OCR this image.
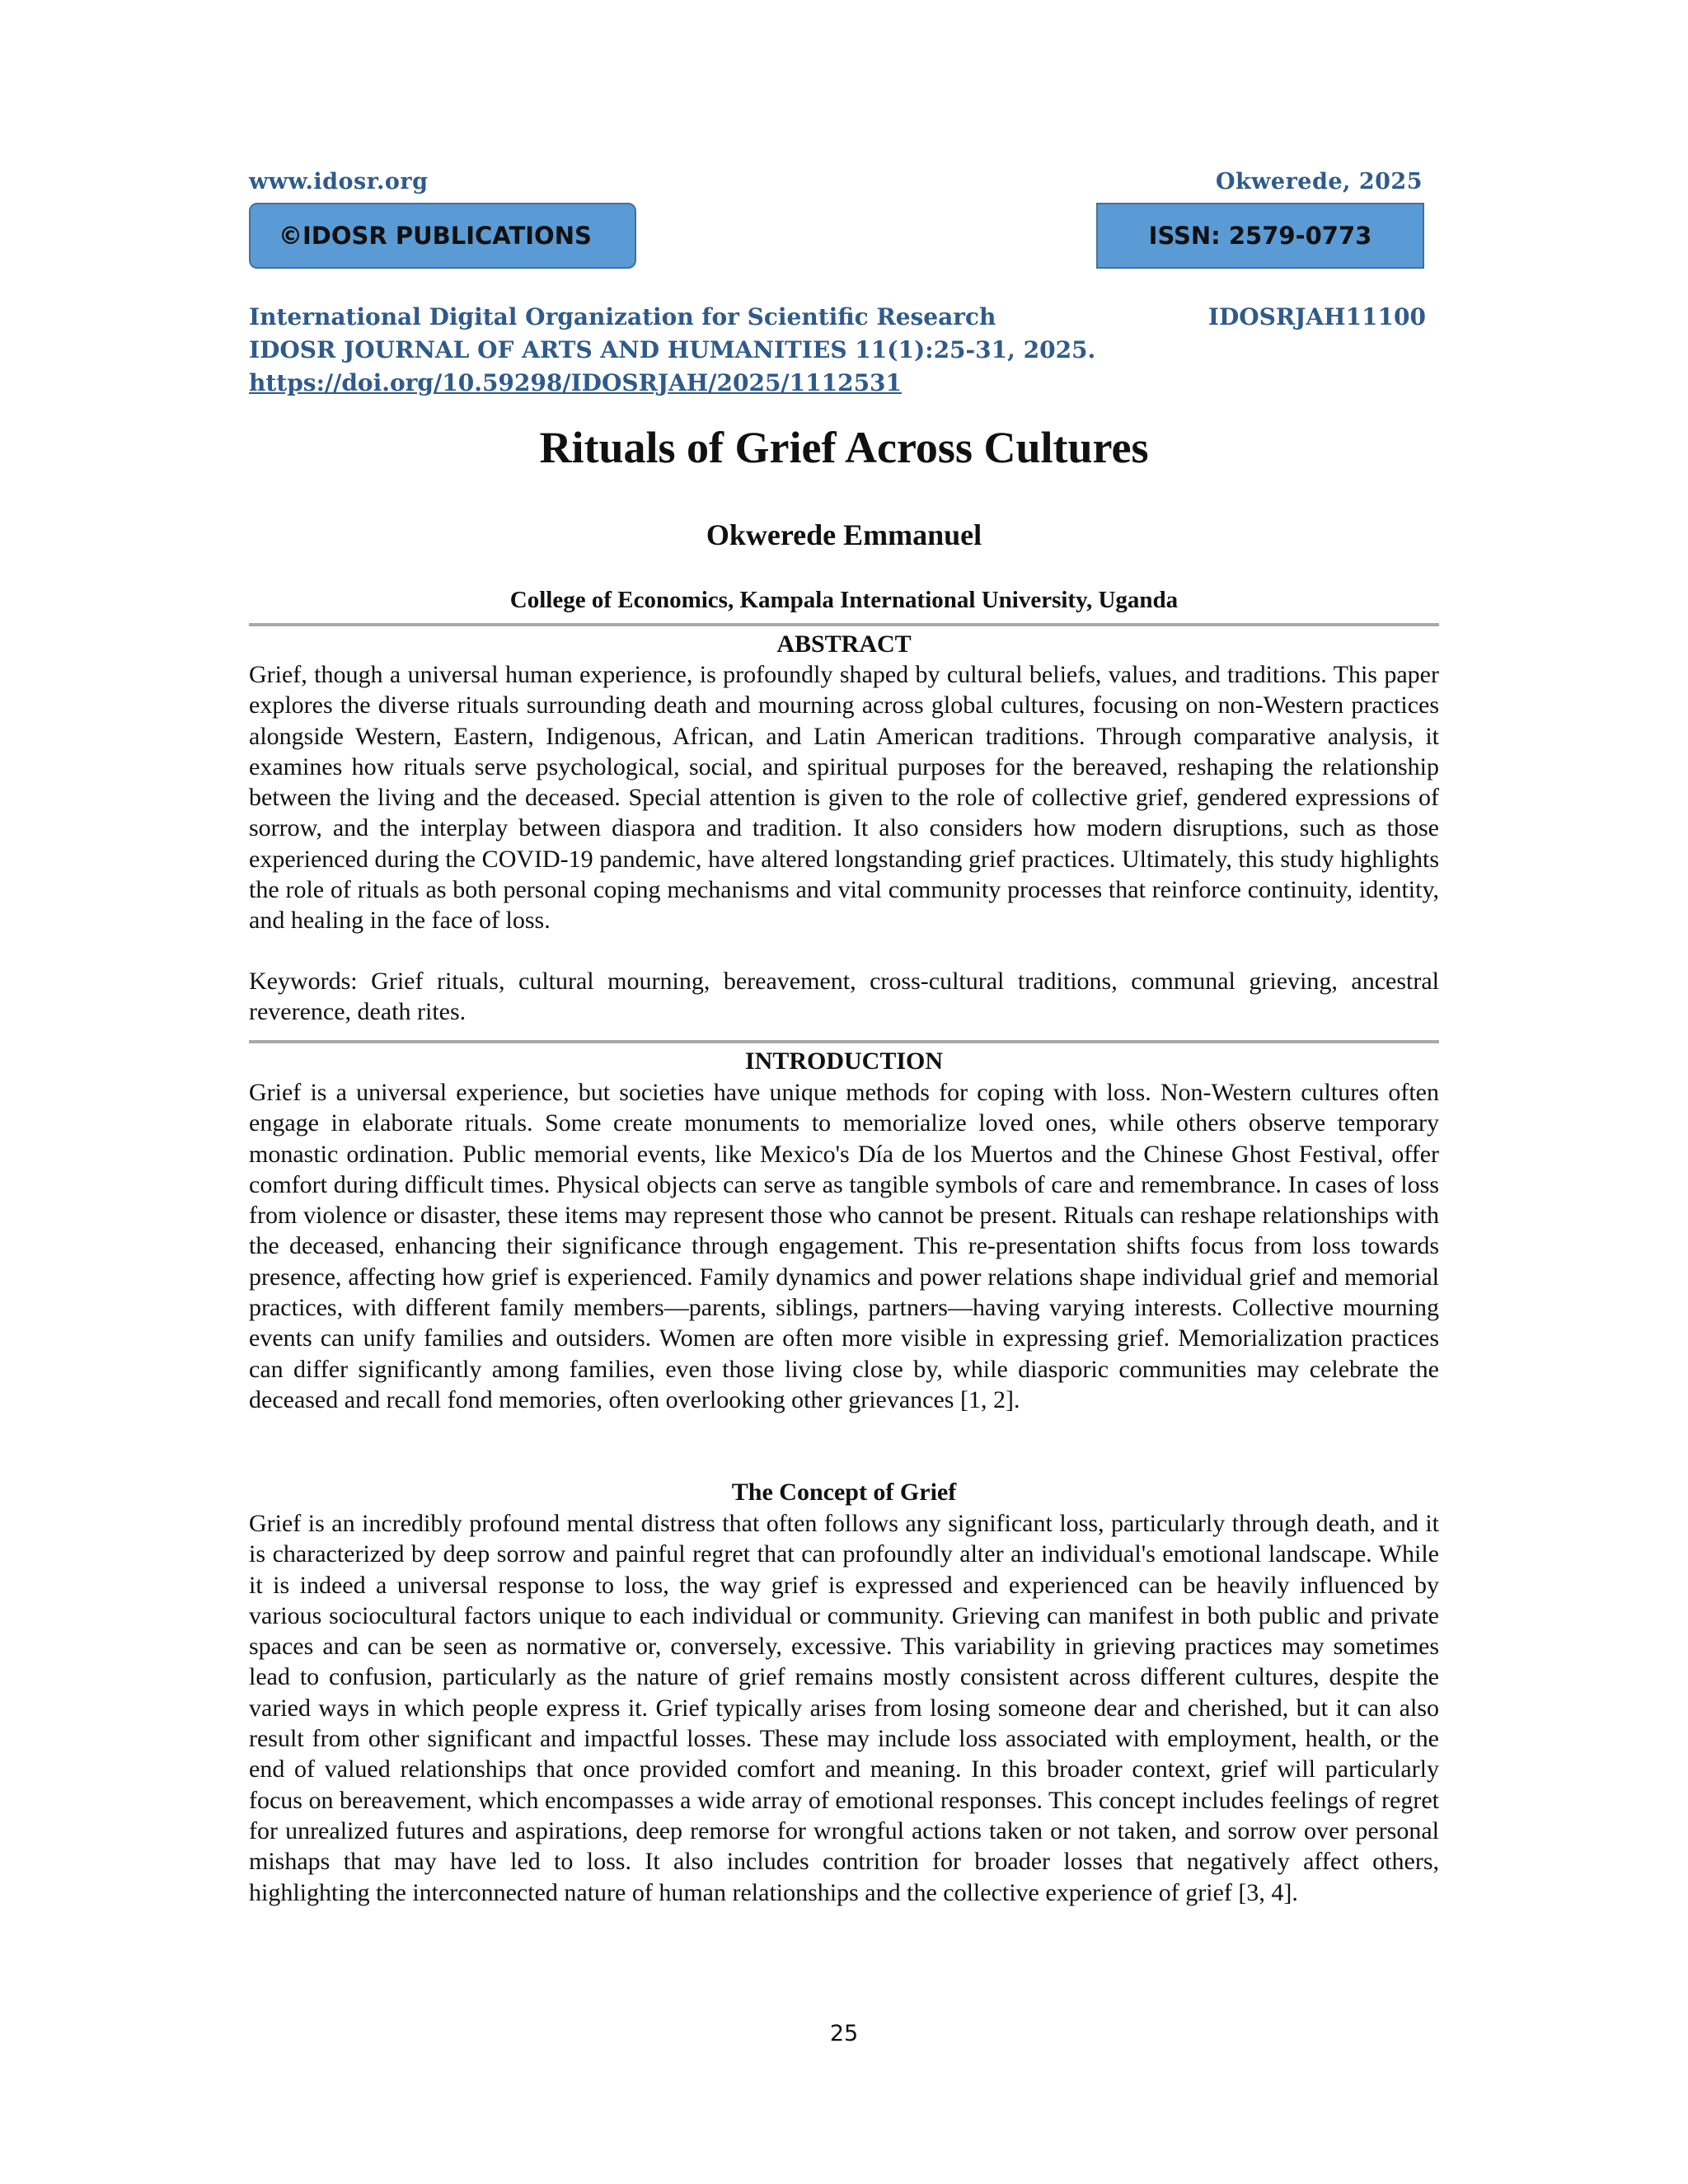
www.idosr.org	Okwerede, 2025
©IDOSR PUBLICATIONS	ISSN: 2579-0773
International Digital Organization for Scientific Research	IDOSRJAH11100
IDOSR JOURNAL OF ARTS AND HUMANITIES 11(1):25-31, 2025.
https://doi.org/10.59298/IDOSRJAH/2025/1112531
Rituals of Grief Across Cultures
Okwerede Emmanuel
College of Economics, Kampala International University, Uganda
ABSTRACT

Grief, though a universal human experience, is profoundly shaped by cultural beliefs, values, and traditions. This paper explores the diverse rituals surrounding death and mourning across global cultures, focusing on non-Western practices alongside Western, Eastern, Indigenous, African, and Latin American traditions. Through comparative analysis, it examines how rituals serve psychological, social, and spiritual purposes for the bereaved, reshaping the relationship between the living and the deceased. Special attention is given to the role of collective grief, gendered expressions of sorrow, and the interplay between diaspora and tradition. It also considers how modern disruptions, such as those experienced during the COVID-19 pandemic, have altered longstanding grief practices. Ultimately, this study highlights the role of rituals as both personal coping mechanisms and vital community processes that reinforce continuity, identity, and healing in the face of loss.

Keywords: Grief rituals, cultural mourning, bereavement, cross-cultural traditions, communal grieving, ancestral reverence, death rites.

INTRODUCTION

Grief is a universal experience, but societies have unique methods for coping with loss. Non-Western cultures often engage in elaborate rituals. Some create monuments to memorialize loved ones, while others observe temporary monastic ordination. Public memorial events, like Mexico's Día de los Muertos and the Chinese Ghost Festival, offer comfort during difficult times. Physical objects can serve as tangible symbols of care and remembrance. In cases of loss from violence or disaster, these items may represent those who cannot be present. Rituals can reshape relationships with the deceased, enhancing their significance through engagement. This re-presentation shifts focus from loss towards presence, affecting how grief is experienced. Family dynamics and power relations shape individual grief and memorial practices, with different family members—parents, siblings, partners—having varying interests. Collective mourning events can unify families and outsiders. Women are often more visible in expressing grief. Memorialization practices can differ significantly among families, even those living close by, while diasporic communities may celebrate the deceased and recall fond memories, often overlooking other grievances [1, 2].

The Concept of Grief

Grief is an incredibly profound mental distress that often follows any significant loss, particularly through death, and it is characterized by deep sorrow and painful regret that can profoundly alter an individual's emotional landscape. While it is indeed a universal response to loss, the way grief is expressed and experienced can be heavily influenced by various sociocultural factors unique to each individual or community. Grieving can manifest in both public and private spaces and can be seen as normative or, conversely, excessive. This variability in grieving practices may sometimes lead to confusion, particularly as the nature of grief remains mostly consistent across different cultures, despite the varied ways in which people express it. Grief typically arises from losing someone dear and cherished, but it can also result from other significant and impactful losses. These may include loss associated with employment, health, or the end of valued relationships that once provided comfort and meaning. In this broader context, grief will particularly focus on bereavement, which encompasses a wide array of emotional responses. This concept includes feelings of regret for unrealized futures and aspirations, deep remorse for wrongful actions taken or not taken, and sorrow over personal mishaps that may have led to loss. It also includes contrition for broader losses that negatively affect others, highlighting the interconnected nature of human relationships and the collective experience of grief [3, 4].

25
